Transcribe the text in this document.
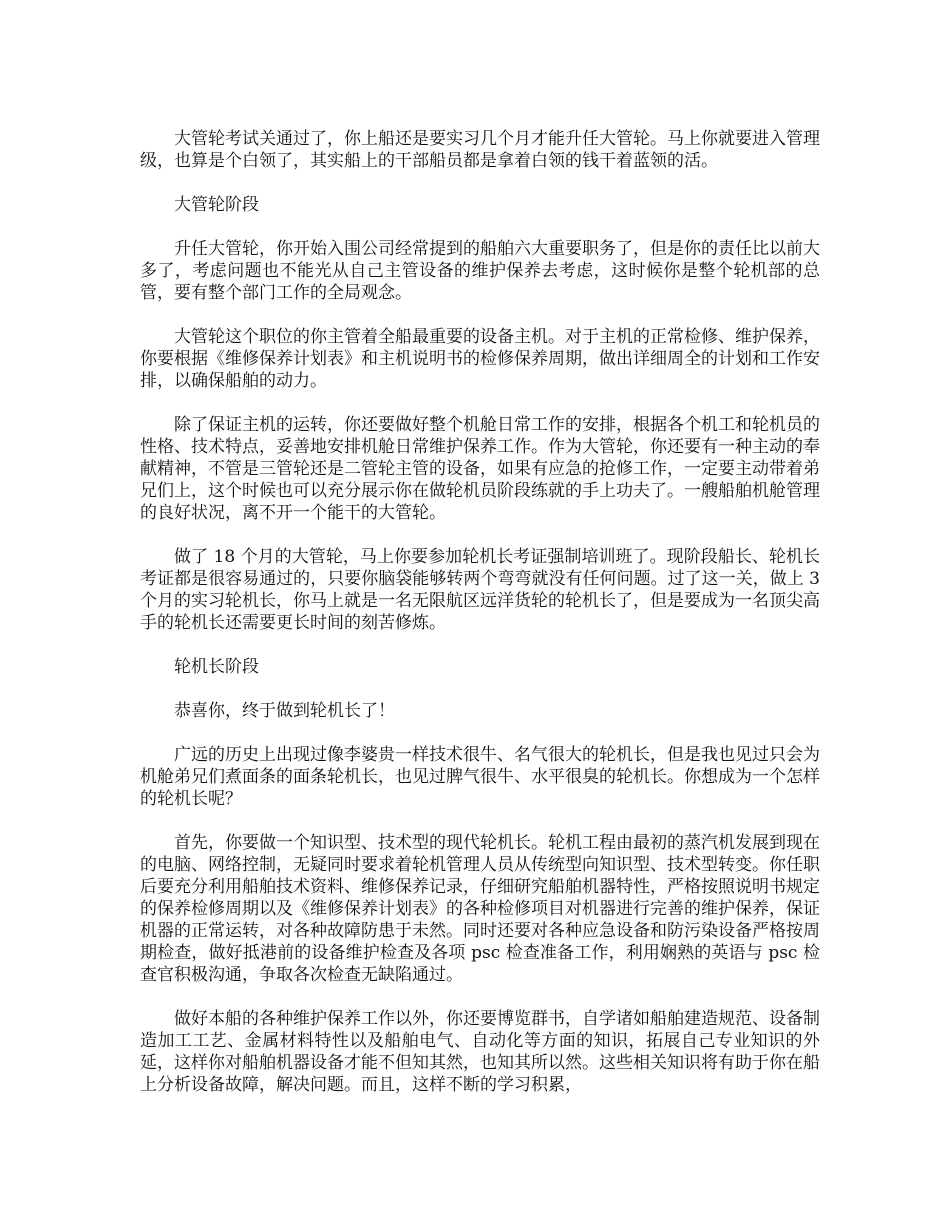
大管轮考试关通过了，你上船还是要实习几个月才能升任大管轮。马上你就要进入管理级，也算是个白领了，其实船上的干部船员都是拿着白领的钱干着蓝领的活。

大管轮阶段

升任大管轮，你开始入围公司经常提到的船舶六大重要职务了，但是你的责任比以前大多了，考虑问题也不能光从自己主管设备的维护保养去考虑，这时候你是整个轮机部的总管，要有整个部门工作的全局观念。

大管轮这个职位的你主管着全船最重要的设备主机。对于主机的正常检修、维护保养，你要根据《维修保养计划表》和主机说明书的检修保养周期，做出详细周全的计划和工作安排，以确保船舶的动力。

除了保证主机的运转，你还要做好整个机舱日常工作的安排，根据各个机工和轮机员的性格、技术特点，妥善地安排机舱日常维护保养工作。作为大管轮，你还要有一种主动的奉献精神，不管是三管轮还是二管轮主管的设备，如果有应急的抢修工作，一定要主动带着弟兄们上，这个时候也可以充分展示你在做轮机员阶段练就的手上功夫了。一艘船舶机舱管理的良好状况，离不开一个能干的大管轮。

做了 18 个月的大管轮，马上你要参加轮机长考证强制培训班了。现阶段船长、轮机长考证都是很容易通过的，只要你脑袋能够转两个弯弯就没有任何问题。过了这一关，做上 3 个月的实习轮机长，你马上就是一名无限航区远洋货轮的轮机长了，但是要成为一名顶尖高手的轮机长还需要更长时间的刻苦修炼。

轮机长阶段

恭喜你，终于做到轮机长了！

广远的历史上出现过像李婆贵一样技术很牛、名气很大的轮机长，但是我也见过只会为机舱弟兄们煮面条的面条轮机长，也见过脾气很牛、水平很臭的轮机长。你想成为一个怎样的轮机长呢？

首先，你要做一个知识型、技术型的现代轮机长。轮机工程由最初的蒸汽机发展到现在的电脑、网络控制，无疑同时要求着轮机管理人员从传统型向知识型、技术型转变。你任职后要充分利用船舶技术资料、维修保养记录，仔细研究船舶机器特性，严格按照说明书规定的保养检修周期以及《维修保养计划表》的各种检修项目对机器进行完善的维护保养，保证机器的正常运转，对各种故障防患于未然。同时还要对各种应急设备和防污染设备严格按周期检查，做好抵港前的设备维护检查及各项 psc 检查准备工作，利用娴熟的英语与 psc 检查官积极沟通，争取各次检查无缺陷通过。

做好本船的各种维护保养工作以外，你还要博览群书，自学诸如船舶建造规范、设备制造加工工艺、金属材料特性以及船舶电气、自动化等方面的知识，拓展自己专业知识的外延，这样你对船舶机器设备才能不但知其然，也知其所以然。这些相关知识将有助于你在船上分析设备故障，解决问题。而且，这样不断的学习积累，
